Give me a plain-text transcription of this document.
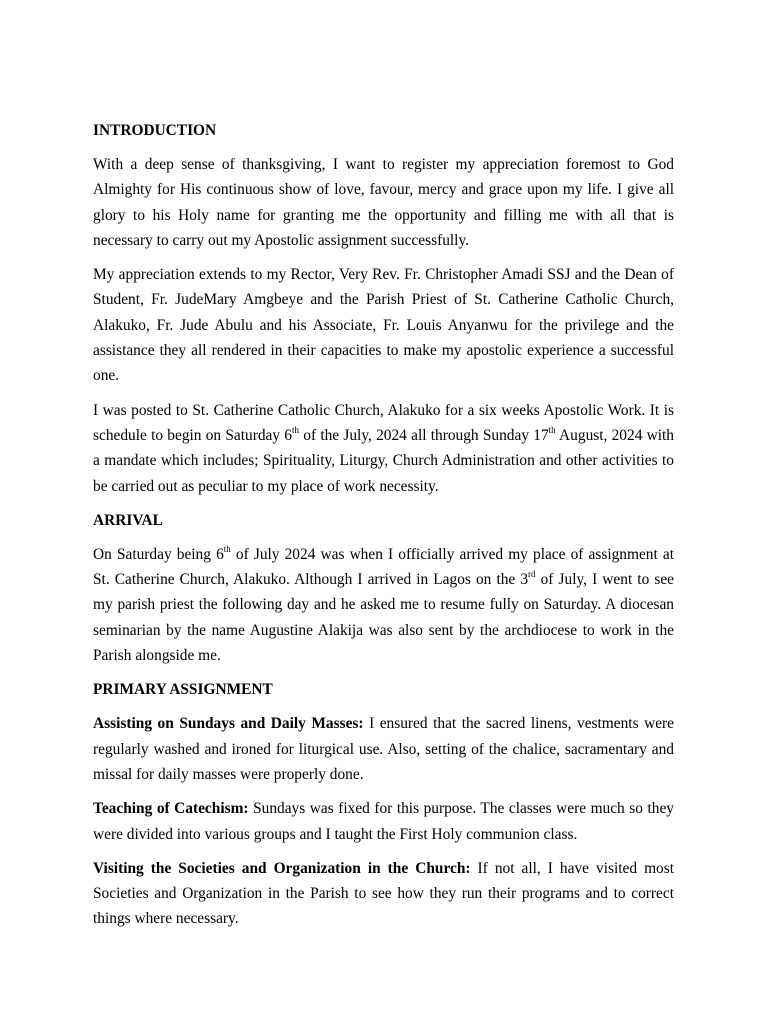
INTRODUCTION

With a deep sense of thanksgiving, I want to register my appreciation foremost to God Almighty for His continuous show of love, favour, mercy and grace upon my life. I give all glory to his Holy name for granting me the opportunity and filling me with all that is necessary to carry out my Apostolic assignment successfully.

My appreciation extends to my Rector, Very Rev. Fr. Christopher Amadi SSJ and the Dean of Student, Fr. JudeMary Amgbeye and the Parish Priest of St. Catherine Catholic Church, Alakuko, Fr. Jude Abulu and his Associate, Fr. Louis Anyanwu for the privilege and the assistance they all rendered in their capacities to make my apostolic experience a successful one.

I was posted to St. Catherine Catholic Church, Alakuko for a six weeks Apostolic Work. It is schedule to begin on Saturday 6th of the July, 2024 all through Sunday 17th August, 2024 with a mandate which includes; Spirituality, Liturgy, Church Administration and other activities to be carried out as peculiar to my place of work necessity.

ARRIVAL

On Saturday being 6th of July 2024 was when I officially arrived my place of assignment at St. Catherine Church, Alakuko. Although I arrived in Lagos on the 3rd of July, I went to see my parish priest the following day and he asked me to resume fully on Saturday. A diocesan seminarian by the name Augustine Alakija was also sent by the archdiocese to work in the Parish alongside me.

PRIMARY ASSIGNMENT

Assisting on Sundays and Daily Masses: I ensured that the sacred linens, vestments were regularly washed and ironed for liturgical use. Also, setting of the chalice, sacramentary and missal for daily masses were properly done.

Teaching of Catechism: Sundays was fixed for this purpose. The classes were much so they were divided into various groups and I taught the First Holy communion class.

Visiting the Societies and Organization in the Church: If not all, I have visited most Societies and Organization in the Parish to see how they run their programs and to correct things where necessary.
